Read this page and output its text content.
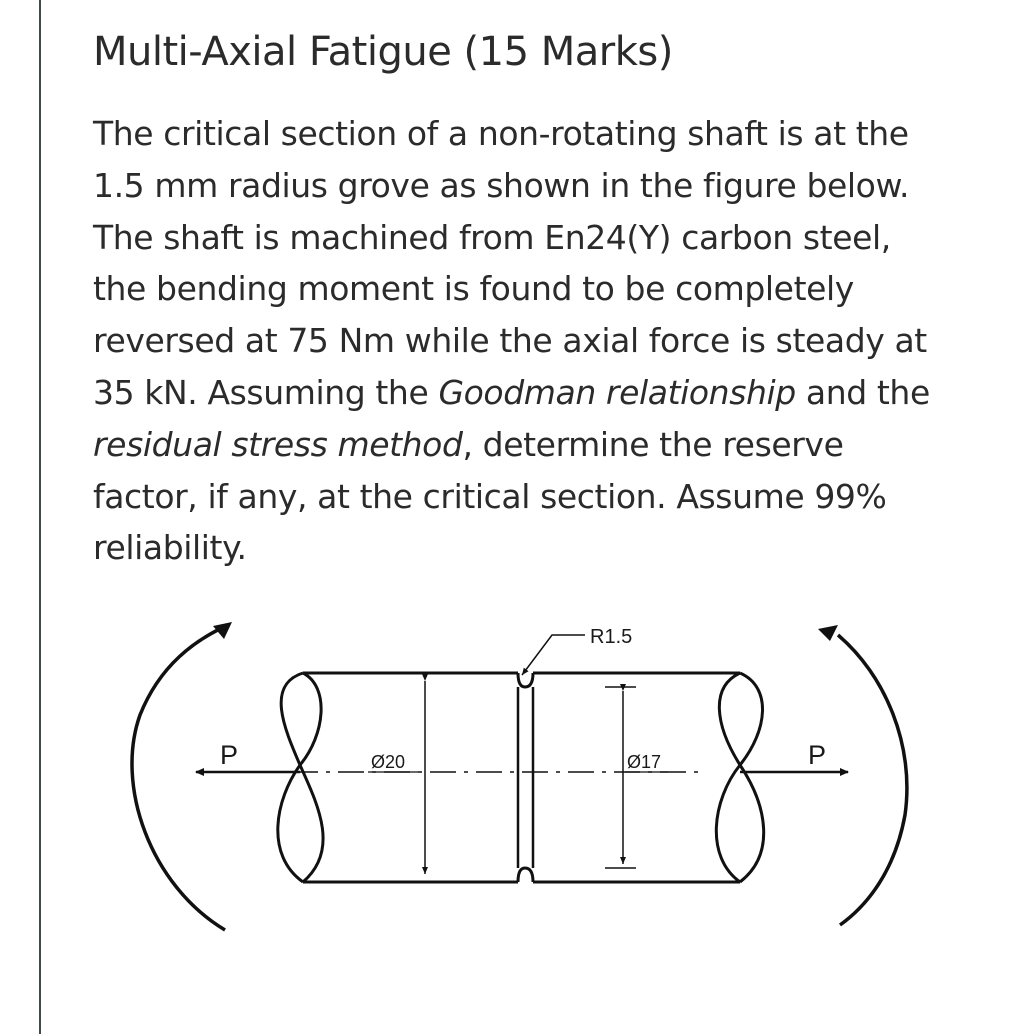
Multi-Axial Fatigue (15 Marks)
The critical section of a non-rotating shaft is at the
1.5 mm radius grove as shown in the figure below.
The shaft is machined from En24(Y) carbon steel,
the bending moment is found to be completely
reversed at 75 Nm while the axial force is steady at
35 kN. Assuming the Goodman relationship and the
residual stress method, determine the reserve
factor, if any, at the critical section. Assume 99%
reliability.
R1.5
Ø20	Ø17
P	P
